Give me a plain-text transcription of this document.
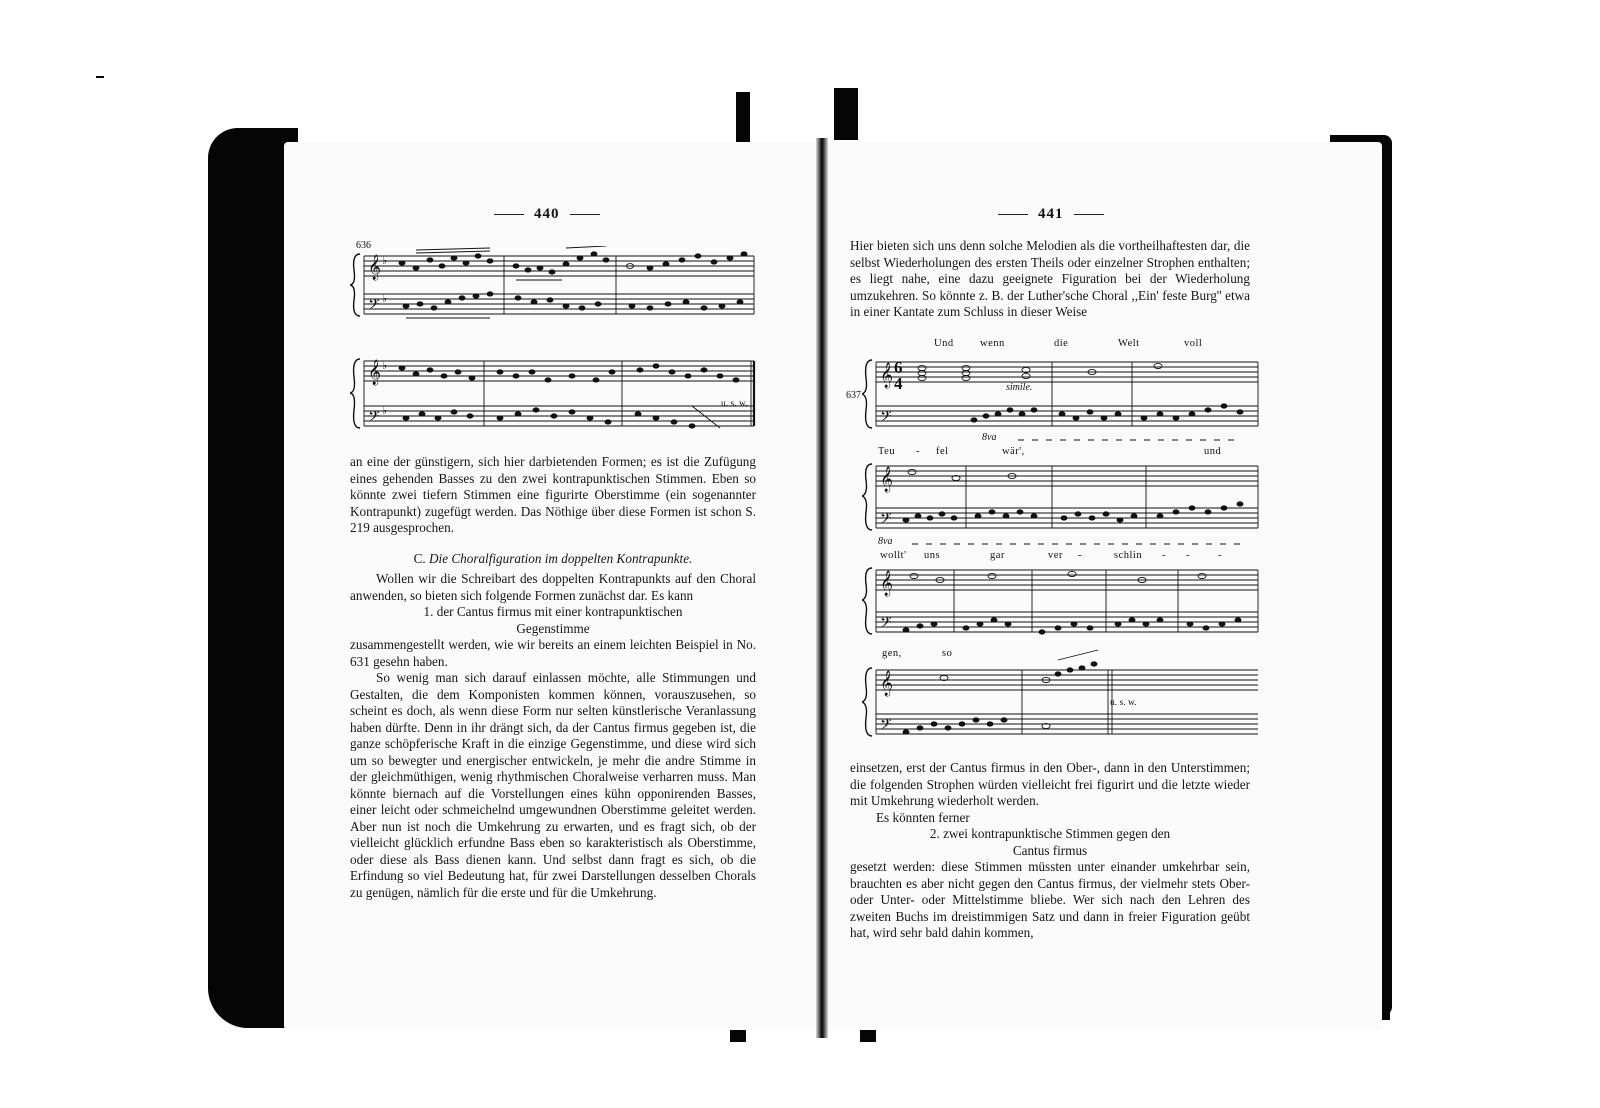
440
636
𝄞
𝄢
𝄞
𝄢
♭
♭
♭
♭	u. s. w.

an eine der günstigern, sich hier darbietenden Formen; es ist die Zufügung eines gehenden Basses zu den zwei kontrapunktischen Stimmen. Eben so könnte zwei tiefern Stimmen eine figurirte Oberstimme (ein sogenannter Kontrapunkt) zugefügt werden. Das Nöthige über diese Formen ist schon S. 219 ausgesprochen.

C. Die Choralfiguration im doppelten Kontrapunkte.

Wollen wir die Schreibart des doppelten Kontrapunkts auf den Choral anwenden, so bieten sich folgende Formen zunächst dar. Es kann

1. der Cantus firmus mit einer kontrapunktischen

Gegenstimme

zusammengestellt werden, wie wir bereits an einem leichten Beispiel in No. 631 gesehn haben.

So wenig man sich darauf einlassen möchte, alle Stimmungen und Gestalten, die dem Komponisten kommen können, vorauszusehen, so scheint es doch, als wenn diese Form nur selten künstlerische Veranlassung haben dürfte. Denn in ihr drängt sich, da der Cantus firmus gegeben ist, die ganze schöpferische Kraft in die einzige Gegenstimme, und diese wird sich um so bewegter und energischer entwickeln, je mehr die andre Stimme in der gleichmüthigen, wenig rhythmischen Choralweise verharren muss. Man könnte biernach auf die Vorstellungen eines kühn opponirenden Basses, einer leicht oder schmeichelnd umgewundnen Oberstimme geleitet werden. Aber nun ist noch die Umkehrung zu erwarten, und es fragt sich, ob der vielleicht glücklich erfundne Bass eben so karakteristisch als Oberstimme, oder diese als Bass dienen kann. Und selbst dann fragt es sich, ob die Erfindung so viel Bedeutung hat, für zwei Darstellungen desselben Chorals zu genügen, nämlich für die erste und für die Umkehrung.

441
Hier bieten sich uns denn solche Melodien als die vortheilhaftesten dar, die selbst Wiederholungen des ersten Theils oder einzelner Strophen enthalten; es liegt nahe, eine dazu geeignete Figuration bei der Wiederholung umzukehren. So könnte z. B. der Luther'sche Choral ,,Ein' feste Burg'' etwa in einer Kantate zum Schluss in dieser Weise
637
Und	wenn	die	Welt	voll
Teu - fel	wär',	und
wollt' uns	gar	ver -	schlin - -	-
gen,	so
𝄞
𝄢
𝄞
𝄢
𝄞
𝄢
𝄞
𝄢
6
4	simile.
8va
8va
u. s. w.

einsetzen, erst der Cantus firmus in den Ober-, dann in den Unterstimmen; die folgenden Strophen würden vielleicht frei figurirt und die letzte wieder mit Umkehrung wiederholt werden.

Es könnten ferner

2. zwei kontrapunktische Stimmen gegen den

Cantus firmus

gesetzt werden: diese Stimmen müssten unter einander umkehrbar sein, brauchten es aber nicht gegen den Cantus firmus, der vielmehr stets Ober- oder Unter- oder Mittelstimme bliebe. Wer sich nach den Lehren des zweiten Buchs im dreistimmigen Satz und dann in freier Figuration geübt hat, wird sehr bald dahin kommen,
